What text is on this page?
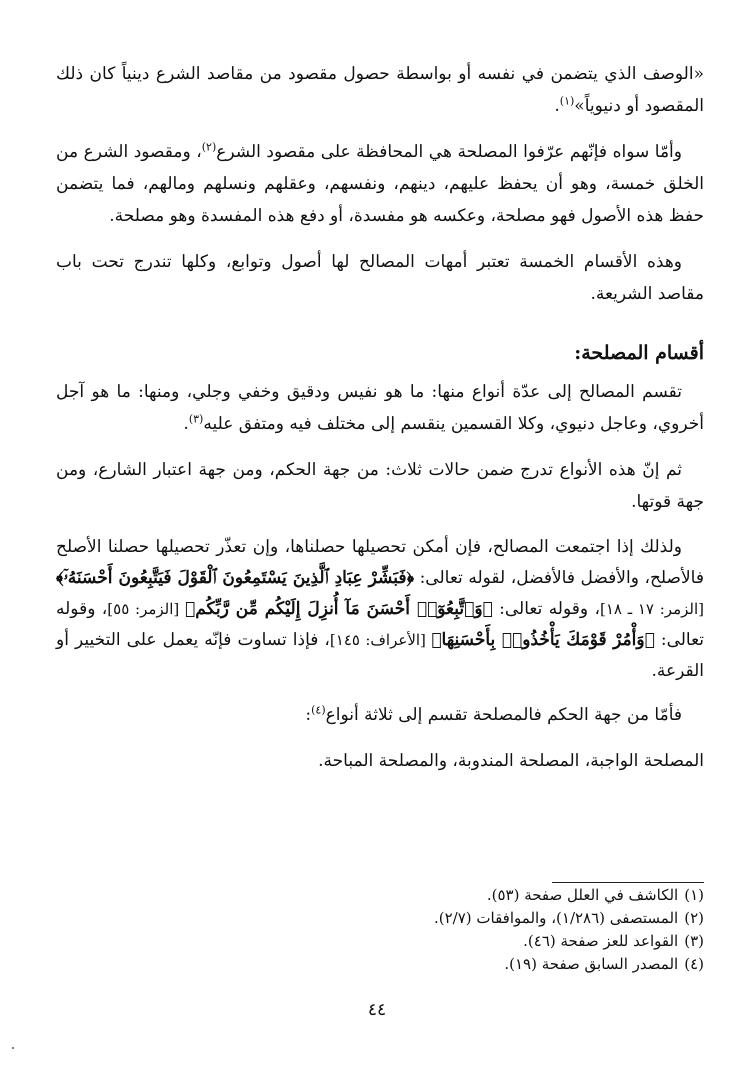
«الوصف الذي يتضمن في نفسه أو بواسطة حصول مقصود من مقاصد الشرع دينياً كان ذلك المقصود أو دنيوياً»$^{(١)}$.

وأمّا سواه فإنّهم عرّفوا المصلحة هي المحافظة على مقصود الشرع$^{(٢)}$، ومقصود الشرع من الخلق خمسة، وهو أن يحفظ عليهم، دينهم، ونفسهم، وعقلهم ونسلهم ومالهم، فما يتضمن حفظ هذه الأصول فهو مصلحة، وعكسه هو مفسدة، أو دفع هذه المفسدة وهو مصلحة.

وهذه الأقسام الخمسة تعتبر أمهات المصالح لها أصول وتوابع، وكلها تندرج تحت باب مقاصد الشريعة.

أقسام المصلحة:

تقسم المصالح إلى عدّة أنواع منها: ما هو نفيس ودقيق وخفي وجلي، ومنها: ما هو آجل أخروي، وعاجل دنيوي، وكلا القسمين ينقسم إلى مختلف فيه ومتفق عليه$^{(٣)}$.

ثم إنّ هذه الأنواع تدرج ضمن حالات ثلاث: من جهة الحكم، ومن جهة اعتبار الشارع، ومن جهة قوتها.

ولذلك إذا اجتمعت المصالح، فإن أمكن تحصيلها حصلناها، وإن تعذّر تحصيلها حصلنا الأصلح فالأصلح، والأفضل فالأفضل، لقوله تعالى: ﴿فَبَشِّرْ عِبَادِ ٱلَّذِينَ يَسْتَمِعُونَ ٱلْقَوْلَ فَيَتَّبِعُونَ أَحْسَنَهُۥٓ﴾ [الزمر: ١٧ ـ ١٨]، وقوله تعالى: ﴿وَٱتَّبِعُوٓا۟ أَحْسَنَ مَآ أُنزِلَ إِلَيْكُم مِّن رَّبِّكُم﴾ [الزمر: ٥٥]، وقوله تعالى: ﴿وَأْمُرْ قَوْمَكَ يَأْخُذُوا۟ بِأَحْسَنِهَا﴾ [الأعراف: ١٤٥]، فإذا تساوت فإنّه يعمل على التخيير أو القرعة.

فأمّا من جهة الحكم فالمصلحة تقسم إلى ثلاثة أنواع$^{(٤)}$:

المصلحة الواجبة، المصلحة المندوبة، والمصلحة المباحة.

(١)الكاشف في العلل صفحة (٥٣).

(٢)المستصفى (١/٢٨٦)، والموافقات (٢/٧).

(٣)القواعد للعز صفحة (٤٦).

(٤)المصدر السابق صفحة (١٩).

٤٤
